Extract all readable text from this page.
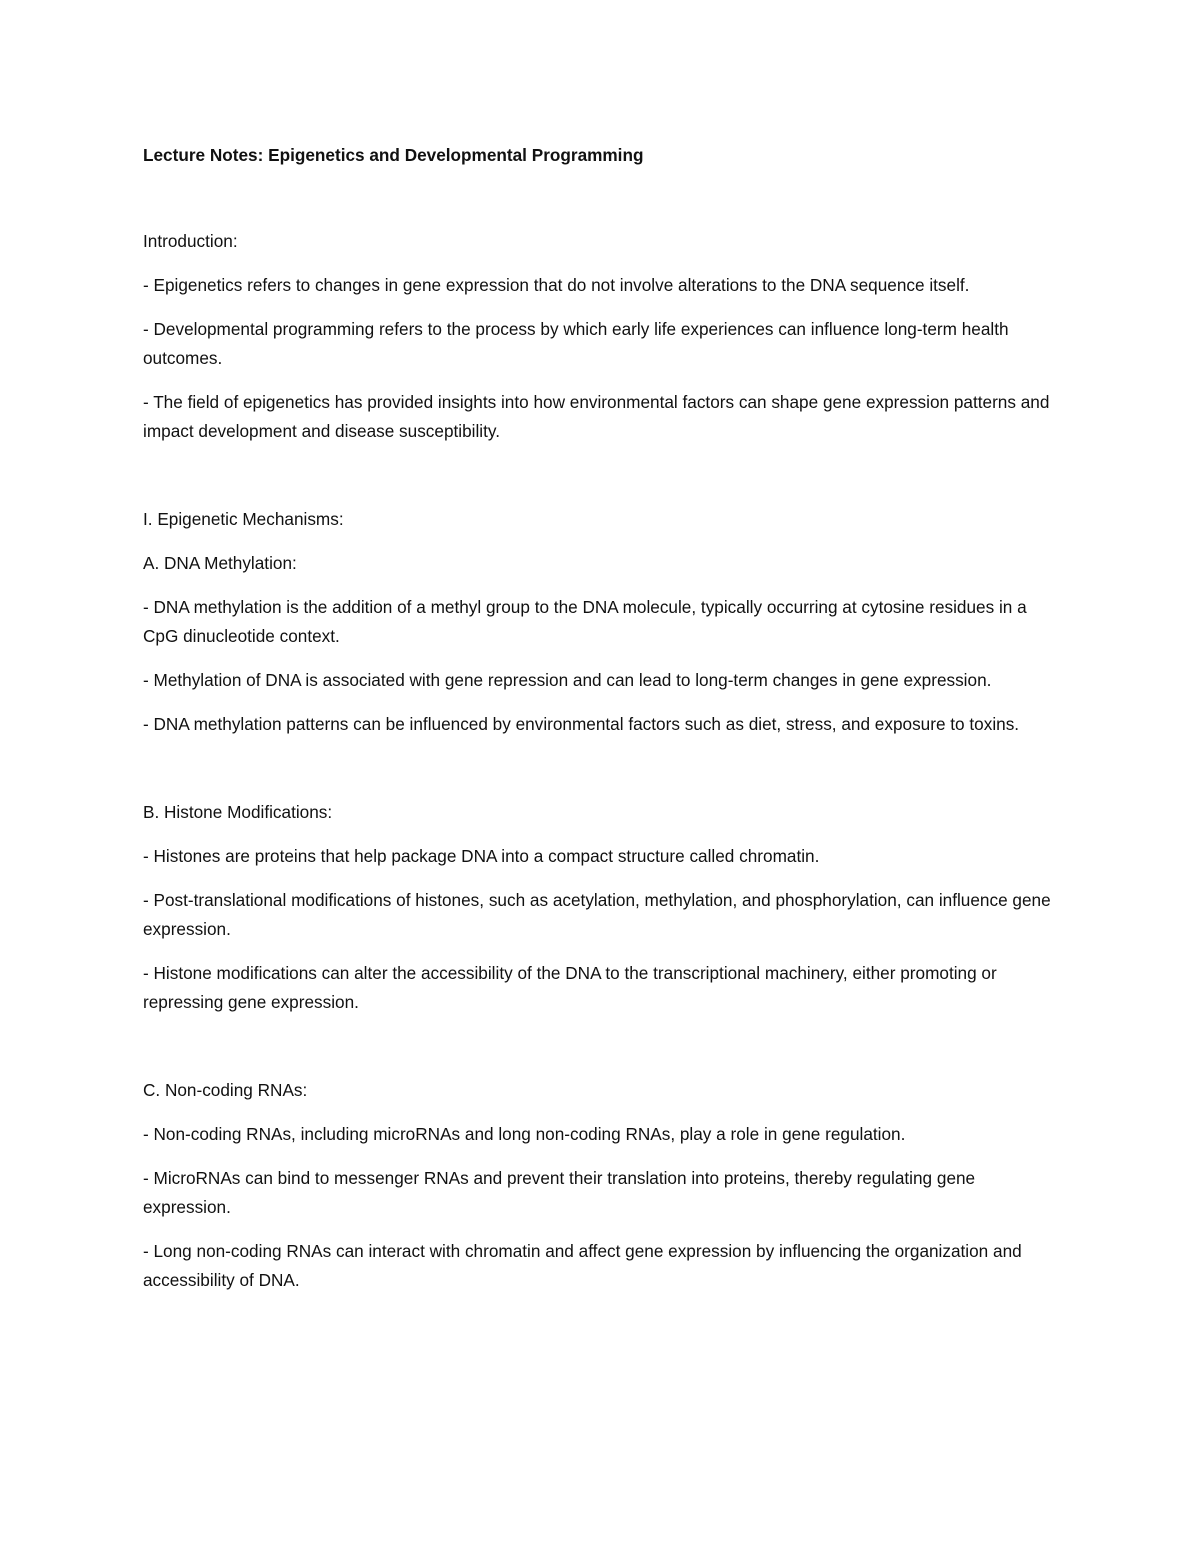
Lecture Notes: Epigenetics and Developmental Programming

Introduction:

- Epigenetics refers to changes in gene expression that do not involve alterations to the DNA sequence itself.

- Developmental programming refers to the process by which early life experiences can influence long-term health outcomes.

- The field of epigenetics has provided insights into how environmental factors can shape gene expression patterns and impact development and disease susceptibility.

I. Epigenetic Mechanisms:

A. DNA Methylation:

- DNA methylation is the addition of a methyl group to the DNA molecule, typically occurring at cytosine residues in a CpG dinucleotide context.

- Methylation of DNA is associated with gene repression and can lead to long-term changes in gene expression.

- DNA methylation patterns can be influenced by environmental factors such as diet, stress, and exposure to toxins.

B. Histone Modifications:

- Histones are proteins that help package DNA into a compact structure called chromatin.

- Post-translational modifications of histones, such as acetylation, methylation, and phosphorylation, can influence gene expression.

- Histone modifications can alter the accessibility of the DNA to the transcriptional machinery, either promoting or repressing gene expression.

C. Non-coding RNAs:

- Non-coding RNAs, including microRNAs and long non-coding RNAs, play a role in gene regulation.

- MicroRNAs can bind to messenger RNAs and prevent their translation into proteins, thereby regulating gene expression.

- Long non-coding RNAs can interact with chromatin and affect gene expression by influencing the organization and accessibility of DNA.
